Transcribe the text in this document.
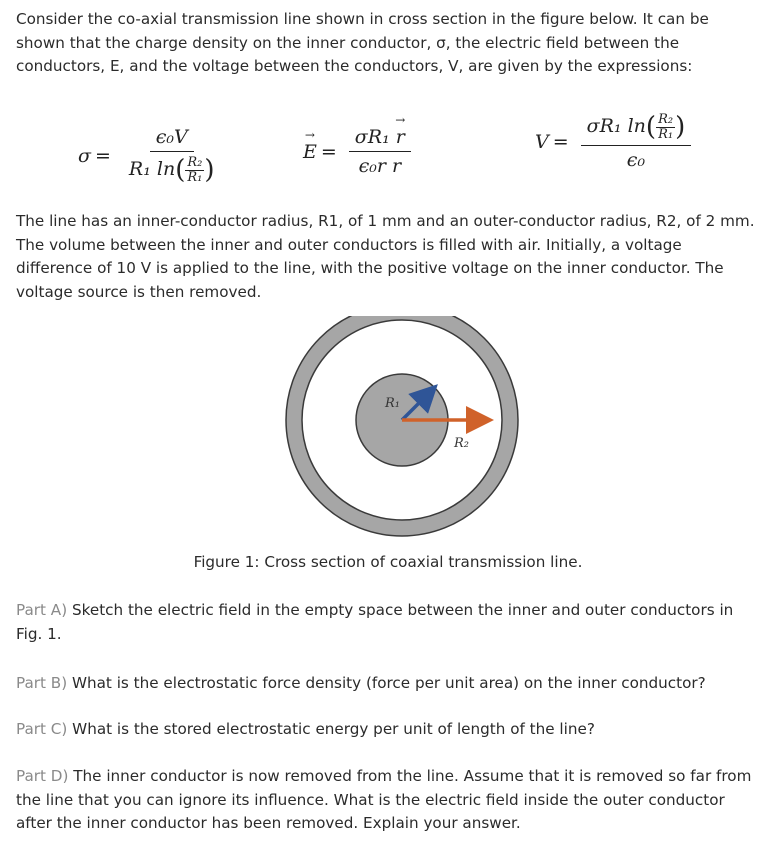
Consider the co-axial transmission line shown in cross section in the figure below. It can be shown that the charge density on the inner conductor, σ, the electric field between the conductors, E, and the voltage between the conductors, V, are given by the expressions:

$\sigma = \frac{\text{ϵ₀V}}{R_1 \ln( \frac{\text{R₂}}{\text{R₁}} )}$	→ $E = \frac{\text{σR₁ → r}}{\text{ϵ₀r r}}$	$V = \frac{\sigma R_1 \ln( \frac{\text{R₂}}{\text{R₁}} )}{\text{ϵ₀}}$

The line has an inner-conductor radius, R1, of 1 mm and an outer-conductor radius, R2, of 2 mm. The volume between the inner and outer conductors is filled with air. Initially, a voltage difference of 10 V is applied to the line, with the positive voltage on the inner conductor. The voltage source is then removed.

R₁
R₂
Figure 1: Cross section of coaxial transmission line.

Part A) Sketch the electric field in the empty space between the inner and outer conductors in Fig. 1.

Part B) What is the electrostatic force density (force per unit area) on the inner conductor?

Part C) What is the stored electrostatic energy per unit of length of the line?

Part D) The inner conductor is now removed from the line. Assume that it is removed so far from the line that you can ignore its influence. What is the electric field inside the outer conductor after the inner conductor has been removed. Explain your answer.
